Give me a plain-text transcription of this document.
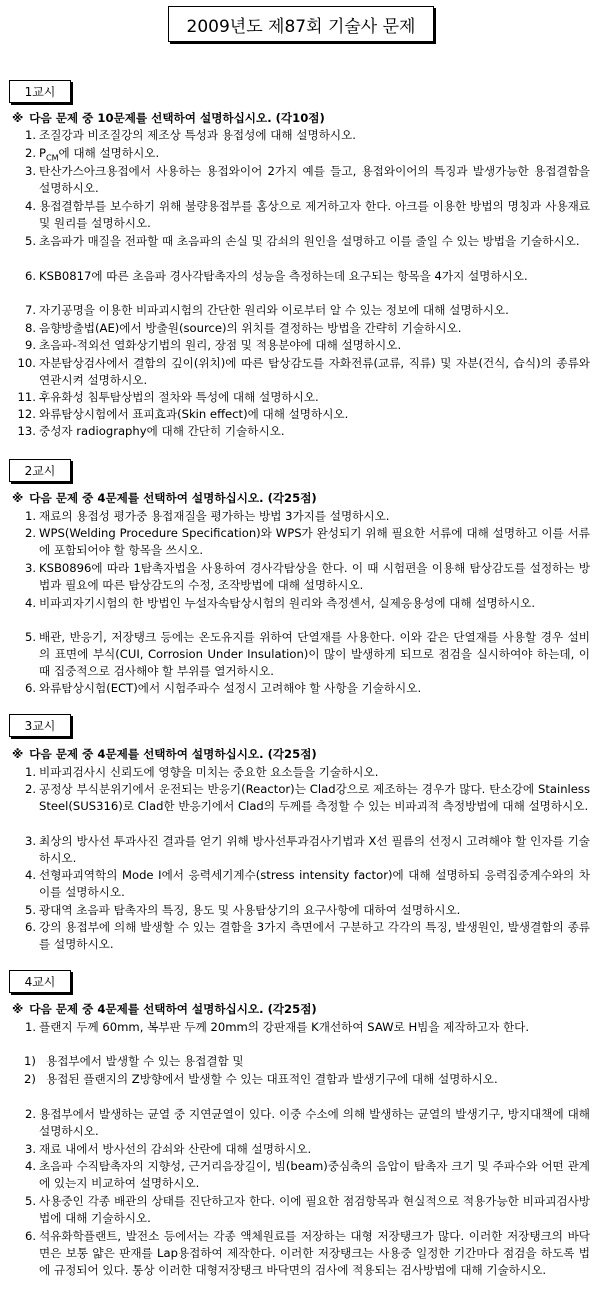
2009년도 제87회 기술사 문제
1교시
※ 다음 문제 중 10문제를 선택하여 설명하십시오. (각10점)
1. 조질강과 비조질강의 제조상 특성과 용접성에 대해 설명하시오.
2. $P_{CM}$에 대해 설명하시오.
3. 탄산가스아크용접에서 사용하는 용접와이어 2가지 예를 들고, 용접와이어의 특징과 발생가능한 용접결함을 설명하시오.
4. 용접결함부를 보수하기 위해 불량용접부를 홈상으로 제거하고자 한다. 아크를 이용한 방법의 명칭과 사용재료 및 원리를 설명하시오.
5. 초음파가 매질을 전파할 때 초음파의 손실 및 감쇠의 원인을 설명하고 이를 줄일 수 있는 방법을 기술하시오.
6. KSB0817에 따른 초음파 경사각탐촉자의 성능을 측정하는데 요구되는 항목을 4가지 설명하시오.
7. 자기공명을 이용한 비파괴시험의 간단한 원리와 이로부터 알 수 있는 정보에 대해 설명하시오.
8. 음향방출법(AE)에서 방출원(source)의 위치를 결정하는 방법을 간략히 기술하시오.
9. 초음파-적외선 열화상기법의 원리, 장점 및 적용분야에 대해 설명하시오.
10. 자분탐상검사에서 결함의 깊이(위치)에 따른 탐상감도를 자화전류(교류, 직류) 및 자분(건식, 습식)의 종류와 연관시켜 설명하시오.
11. 후유화성 침투탐상법의 절차와 특성에 대해 설명하시오.
12. 와류탐상시험에서 표피효과(Skin effect)에 대해 설명하시오.
13. 중성자 radiography에 대해 간단히 기술하시오.
2교시
※ 다음 문제 중 4문제를 선택하여 설명하십시오. (각25점)
1. 재료의 용접성 평가중 용접재질을 평가하는 방법 3가지를 설명하시오.
2. WPS(Welding Procedure Specification)와 WPS가 완성되기 위해 필요한 서류에 대해 설명하고 이를 서류에 포함되어야 할 항목을 쓰시오.
3. KSB0896에 따라 1탐촉자법을 사용하여 경사각탐상을 한다. 이 때 시험편을 이용해 탐상감도를 설정하는 방법과 필요에 따른 탐상감도의 수정, 조작방법에 대해 설명하시오.
4. 비파괴자기시험의 한 방법인 누설자속탐상시험의 원리와 측정센서, 실제응용성에 대해 설명하시오.
5. 배관, 반응기, 저장탱크 등에는 온도유지를 위하여 단열재를 사용한다. 이와 같은 단열재를 사용할 경우 설비의 표면에 부식(CUI, Corrosion Under Insulation)이 많이 발생하게 되므로 점검을 실시하여야 하는데, 이때 집중적으로 검사해야 할 부위를 열거하시오.
6. 와류탐상시험(ECT)에서 시험주파수 설정시 고려해야 할 사항을 기술하시오.
3교시
※ 다음 문제 중 4문제를 선택하여 설명하십시오. (각25점)
1. 비파괴검사시 신뢰도에 영향을 미치는 중요한 요소들을 기술하시오.
2. 공정상 부식분위기에서 운전되는 반응기(Reactor)는 Clad강으로 제조하는 경우가 많다. 탄소강에 Stainless Steel(SUS316)로 Clad한 반응기에서 Clad의 두께를 측정할 수 있는 비파괴적 측정방법에 대해 설명하시오.
3. 최상의 방사선 투과사진 결과를 얻기 위해 방사선투과검사기법과 X선 필름의 선정시 고려해야 할 인자를 기술하시오.
4. 선형파괴역학의 Mode I에서 응력세기계수(stress intensity factor)에 대해 설명하되 응력집중계수와의 차이를 설명하시오.
5. 광대역 초음파 탐촉자의 특징, 용도 및 사용탐상기의 요구사항에 대하여 설명하시오.
6. 강의 용접부에 의해 발생할 수 있는 결함을 3가지 측면에서 구분하고 각각의 특징, 발생원인, 발생결함의 종류를 설명하시오.
4교시
※ 다음 문제 중 4문제를 선택하여 설명하십시오. (각25점)
1. 플랜지 두께 60mm, 복부판 두께 20mm의 강판재를 K개선하여 SAW로 H빔을 제작하고자 한다.
1) 용접부에서 발생할 수 있는 용접결함 및
2) 용접된 플랜지의 Z방향에서 발생할 수 있는 대표적인 결함과 발생기구에 대해 설명하시오.
2. 용접부에서 발생하는 균열 중 지연균열이 있다. 이중 수소에 의해 발생하는 균열의 발생기구, 방지대책에 대해 설명하시오.
3. 재료 내에서 방사선의 감쇠와 산란에 대해 설명하시오.
4. 초음파 수직탐촉자의 지향성, 근거리음장길이, 빔(beam)중심축의 음압이 탐촉자 크기 및 주파수와 어떤 관계에 있는지 비교하여 설명하시오.
5. 사용중인 각종 배관의 상태를 진단하고자 한다. 이에 필요한 점검항목과 현실적으로 적용가능한 비파괴검사방법에 대해 기술하시오.
6. 석유화학플랜트, 발전소 등에서는 각종 액체원료를 저장하는 대형 저장탱크가 많다. 이러한 저장탱크의 바닥면은 보통 얇은 판재를 Lap용접하여 제작한다. 이러한 저장탱크는 사용중 일정한 기간마다 점검을 하도록 법에 규정되어 있다. 통상 이러한 대형저장탱크 바닥면의 검사에 적용되는 검사방법에 대해 기술하시오.
